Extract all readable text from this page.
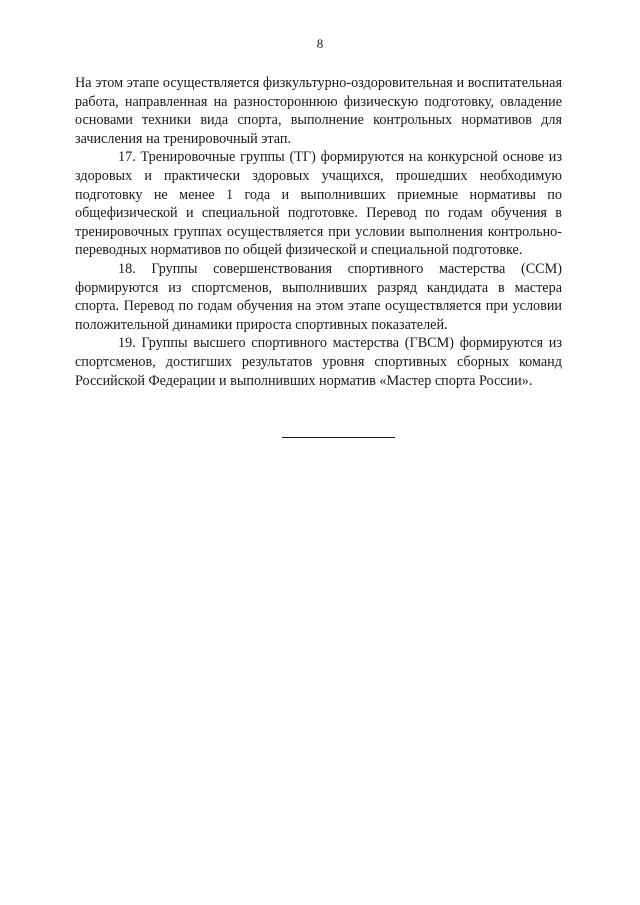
8

На этом этапе осуществляется физкультурно-оздоровительная и воспитательная работа, направленная на разностороннюю физическую подготовку, овладение основами техники вида спорта, выполнение контрольных нормативов для зачисления на тренировочный этап.

17. Тренировочные группы (ТГ) формируются на конкурсной основе из здоровых и практически здоровых учащихся, прошедших необходимую подготовку не менее 1 года и выполнивших приемные нормативы по общефизической и специальной подготовке. Перевод по годам обучения в тренировочных группах осуществляется при условии выполнения контрольно-переводных нормативов по общей физической и специальной подготовке.

18. Группы совершенствования спортивного мастерства (ССМ) формируются из спортсменов, выполнивших разряд кандидата в мастера спорта. Перевод по годам обучения на этом этапе осуществляется при условии положительной динамики прироста спортивных показателей.

19. Группы высшего спортивного мастерства (ГВСМ) формируются из спортсменов, достигших результатов уровня спортивных сборных команд Российской Федерации и выполнивших норматив «Мастер спорта России».
